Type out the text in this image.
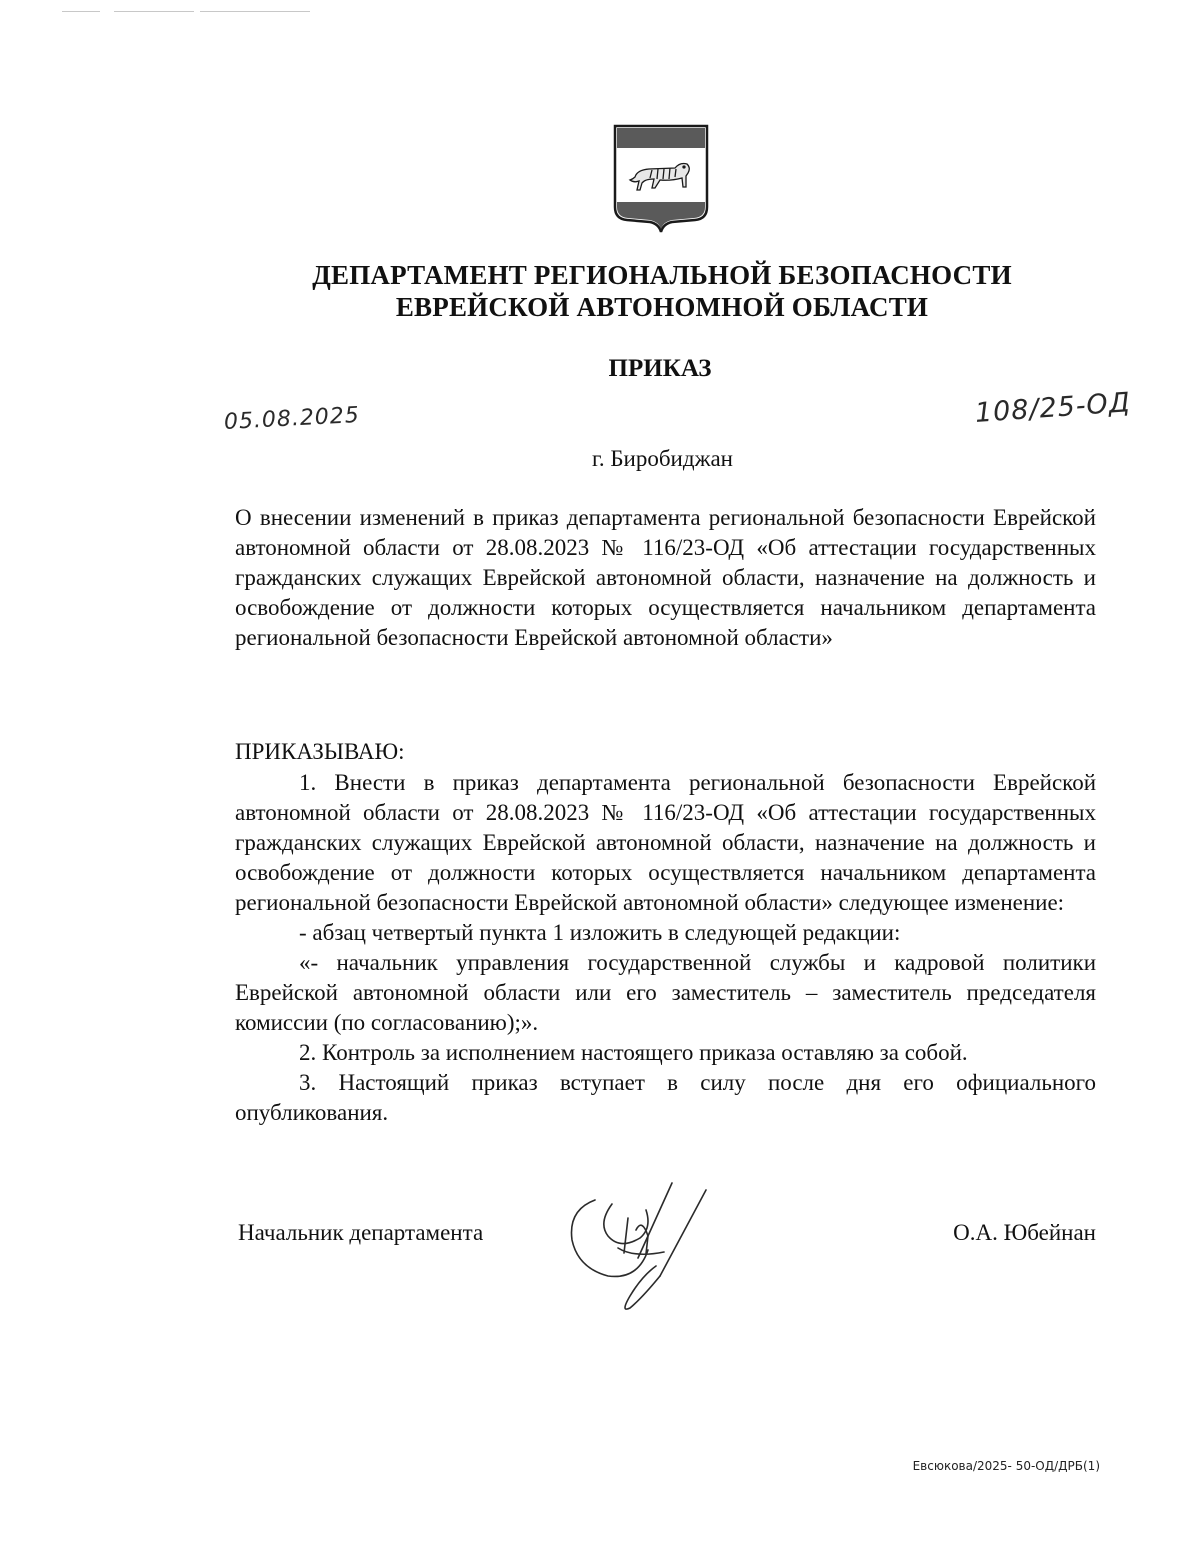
ДЕПАРТАМЕНТ РЕГИОНАЛЬНОЙ БЕЗОПАСНОСТИ
ЕВРЕЙСКОЙ АВТОНОМНОЙ ОБЛАСТИ
ПРИКАЗ
05.08.2025	108/25-ОД
г. Биробиджан
О внесении изменений в приказ департамента региональной безопасности Еврейской автономной области от 28.08.2023 № 116/23-ОД «Об аттестации государственных гражданских служащих Еврейской автономной области, назначение на должность и освобождение от должности которых осуществляется начальником департамента региональной безопасности Еврейской автономной области»
ПРИКАЗЫВАЮ:

1. Внести в приказ департамента региональной безопасности Еврейской автономной области от 28.08.2023 № 116/23-ОД «Об аттестации государственных гражданских служащих Еврейской автономной области, назначение на должность и освобождение от должности которых осуществляется начальником департамента региональной безопасности Еврейской автономной области» следующее изменение:

- абзац четвертый пункта 1 изложить в следующей редакции:

«- начальник управления государственной службы и кадровой политики Еврейской автономной области или его заместитель – заместитель председателя комиссии (по согласованию);».

2. Контроль за исполнением настоящего приказа оставляю за собой.

3. Настоящий приказ вступает в силу после дня его официального опубликования.

Начальник департамента	О.А. Юбейнан
Евсюкова/2025- 50-ОД/ДРБ(1)
